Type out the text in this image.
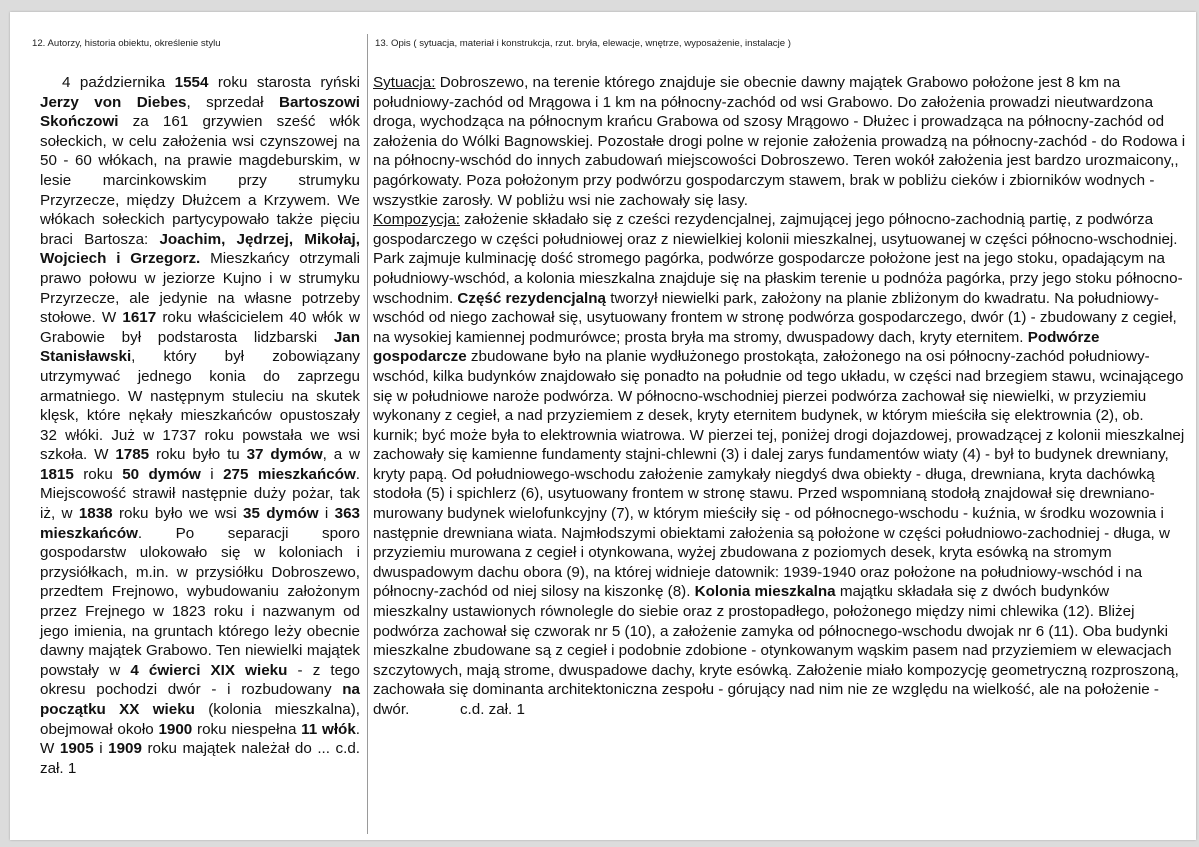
12. Autorzy, historia obiektu, określenie stylu	13. Opis ( sytuacja, materiał i konstrukcja, rzut. bryła, elewacje, wnętrze, wyposażenie, instalacje )

4 października 1554 roku starosta ryński Jerzy von Diebes, sprzedał Bartoszowi Skończowi za 161 grzywien sześć włók sołeckich, w celu założenia wsi czynszowej na 50 - 60 włókach, na prawie magdeburskim, w lesie marcinkowskim przy strumyku Przyrzecze, między Dłużcem a Krzywem. We włókach sołeckich partycypowało także pięciu braci Bartosza: Joachim, Jędrzej, Mikołaj, Wojciech i Grzegorz. Mieszkańcy otrzymali prawo połowu w jeziorze Kujno i w strumyku Przyrzecze, ale jedynie na własne potrzeby stołowe. W 1617 roku właścicielem 40 włók w Grabowie był podstarosta lidzbarski Jan Stanisławski, który był zobowiązany utrzymywać jednego konia do zaprzegu armatniego. W następnym stuleciu na skutek klęsk, które nękały mieszkańców opustoszały 32 włóki. Już w 1737 roku powstała we wsi szkoła. W 1785 roku było tu 37 dymów, a w 1815 roku 50 dymów i 275 mieszkańców. Miejscowość strawił następnie duży pożar, tak iż, w 1838 roku było we wsi 35 dymów i 363 mieszkańców. Po separacji sporo gospodarstw ulokowało się w koloniach i przysiółkach, m.in. w przysiółku Dobroszewo, przedtem Frejnowo, wybudowaniu założonym przez Frejnego w 1823 roku i nazwanym od jego imienia, na gruntach którego leży obecnie dawny majątek Grabowo. Ten niewielki majątek powstały w 4 ćwierci XIX wieku - z tego okresu pochodzi dwór - i rozbudowany na początku XX wieku (kolonia mieszkalna), obejmował około 1900 roku niespełna 11 włók. W 1905 i 1909 roku majątek należał do ... c.d. zał. 1

Sytuacja: Dobroszewo, na terenie którego znajduje sie obecnie dawny majątek Grabowo położone jest 8 km na południowy-zachód od Mrągowa i 1 km na północny-zachód od wsi Grabowo. Do założenia prowadzi nieutwardzona droga, wychodząca na północnym krańcu Grabowa od szosy Mrągowo - Dłużec i prowadząca na północny-zachód od założenia do Wólki Bagnowskiej. Pozostałe drogi polne w rejonie założenia prowadzą na północny-zachód - do Rodowa i na północny-wschód do innych zabudowań miejscowości Dobroszewo. Teren wokół założenia jest bardzo urozmaicony,, pagórkowaty. Poza położonym przy podwórzu gospodarczym stawem, brak w pobliżu cieków i zbiorników wodnych - wszystkie zarosły. W pobliżu wsi nie zachowały się lasy.
Kompozycja: założenie składało się z cześci rezydencjalnej, zajmującej jego północno-zachodnią partię, z podwórza gospodarczego w części południowej oraz z niewielkiej kolonii mieszkalnej, usytuowanej w części północno-wschodniej. Park zajmuje kulminację dość stromego pagórka, podwórze gospodarcze położone jest na jego stoku, opadającym na południowy-wschód, a kolonia mieszkalna znajduje się na płaskim terenie u podnóża pagórka, przy jego stoku północno-wschodnim. Część rezydencjalną tworzył niewielki park, założony na planie zbliżonym do kwadratu. Na południowy-wschód od niego zachował się, usytuowany frontem w stronę podwórza gospodarczego, dwór (1) - zbudowany z cegieł, na wysokiej kamiennej podmurówce; prosta bryła ma stromy, dwuspadowy dach, kryty eternitem. Podwórze gospodarcze zbudowane było na planie wydłużonego prostokąta, założonego na osi północny-zachód południowy-wschód, kilka budynków znajdowało się ponadto na południe od tego układu, w części nad brzegiem stawu, wcinającego się w południowe naroże podwórza. W północno-wschodniej pierzei podwórza zachował się niewielki, w przyziemiu wykonany z cegieł, a nad przyziemiem z desek, kryty eternitem budynek, w którym mieściła się elektrownia (2), ob. kurnik; być może była to elektrownia wiatrowa. W pierzei tej, poniżej drogi dojazdowej, prowadzącej z kolonii mieszkalnej zachowały się kamienne fundamenty stajni-chlewni (3) i dalej zarys fundamentów wiaty (4) - był to budynek drewniany, kryty papą. Od południowego-wschodu założenie zamykały niegdyś dwa obiekty - długa, drewniana, kryta dachówką stodoła (5) i spichlerz (6), usytuowany frontem w stronę stawu. Przed wspomnianą stodołą znajdował się drewniano-murowany budynek wielofunkcyjny (7), w którym mieściły się - od północnego-wschodu - kuźnia, w środku wozownia i następnie drewniana wiata. Najmłodszymi obiektami założenia są położone w części południowo-zachodniej - długa, w przyziemiu murowana z cegieł i otynkowana, wyżej zbudowana z poziomych desek, kryta esówką na stromym dwuspadowym dachu obora (9), na której widnieje datownik: 1939-1940 oraz położone na południowy-wschód i na północny-zachód od niej silosy na kiszonkę (8). Kolonia mieszkalna majątku składała się z dwóch budynków mieszkalny ustawionych równolegle do siebie oraz z prostopadłego, położonego między nimi chlewika (12). Bliżej podwórza zachował się czworak nr 5 (10), a założenie zamyka od północnego-wschodu dwojak nr 6 (11). Oba budynki mieszkalne zbudowane są z cegieł i podobnie zdobione - otynkowanym wąskim pasem nad przyziemiem w elewacjach szczytowych, mają strome, dwuspadowe dachy, kryte esówką. Założenie miało kompozycję geometryczną rozproszoną, zachowała się dominanta architektoniczna zespołu - górujący nad nim nie ze względu na wielkość, ale na położenie - dwór.            c.d. zał. 1
